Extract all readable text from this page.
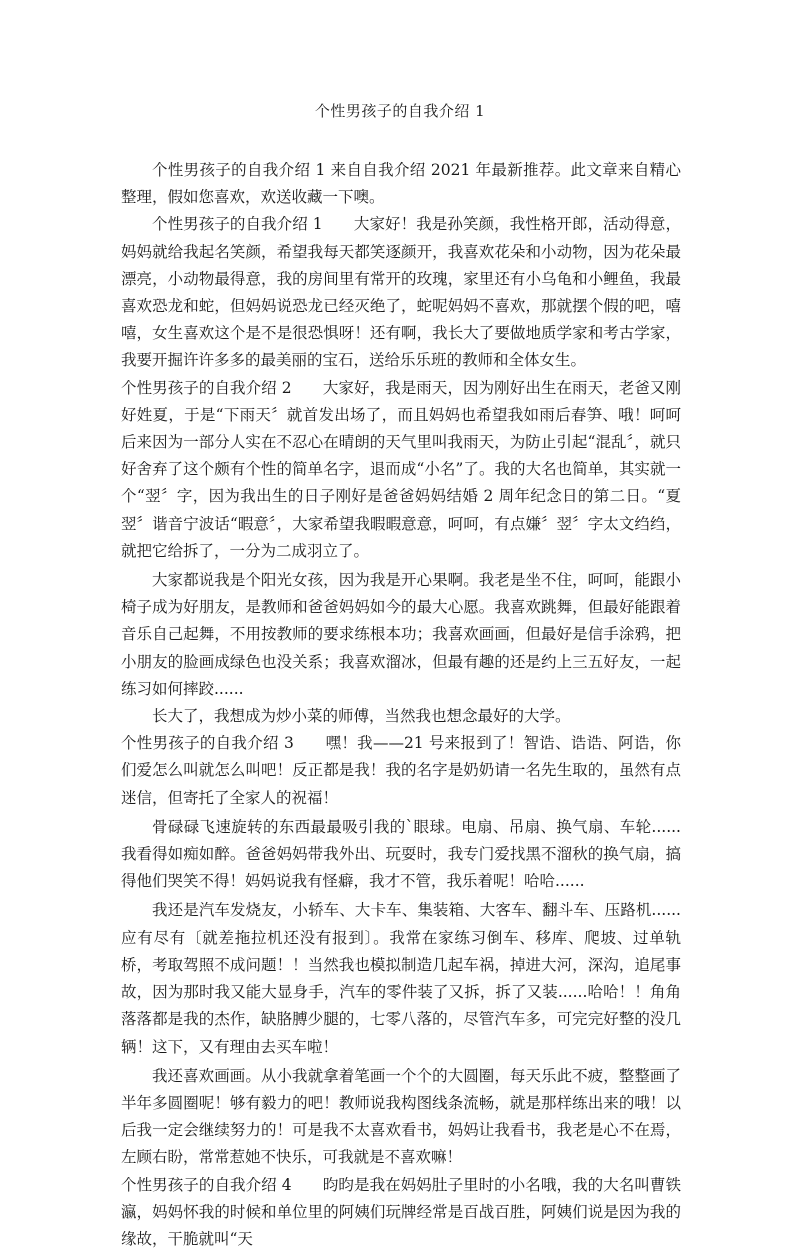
个性男孩子的自我介绍 1

个性男孩子的自我介绍 1 来自自我介绍 2021 年最新推荐。此文章来自精心整理，假如您喜欢，欢送收藏一下噢。

个性男孩子的自我介绍 1　　大家好！我是孙笑颜，我性格开郎，活动得意，妈妈就给我起名笑颜，希望我每天都笑逐颜开，我喜欢花朵和小动物，因为花朵最漂亮，小动物最得意，我的房间里有常开的玫瑰，家里还有小乌龟和小鲤鱼，我最喜欢恐龙和蛇，但妈妈说恐龙已经灭绝了，蛇呢妈妈不喜欢，那就摆个假的吧，嘻嘻，女生喜欢这个是不是很恐惧呀！还有啊，我长大了要做地质学家和考古学家，我要开掘许许多多的最美丽的宝石，送给乐乐班的教师和全体女生。

个性男孩子的自我介绍 2　　大家好，我是雨天，因为刚好出生在雨天，老爸又刚好姓夏，于是“下雨天〞就首发出场了，而且妈妈也希望我如雨后春笋、哦！呵呵后来因为一部分人实在不忍心在晴朗的天气里叫我雨天，为防止引起“混乱〞，就只好舍弃了这个颇有个性的简单名字，退而成“小名”了。我的大名也简单，其实就一个“翌〞字，因为我出生的日子刚好是爸爸妈妈结婚 2 周年纪念日的第二日。“夏翌〞谐音宁波话“暇意〞，大家希望我暇暇意意，呵呵，有点嫌〞翌〞字太文绉绉，就把它给拆了，一分为二成羽立了。

大家都说我是个阳光女孩，因为我是开心果啊。我老是坐不住，呵呵，能跟小椅子成为好朋友，是教师和爸爸妈妈如今的最大心愿。我喜欢跳舞，但最好能跟着音乐自己起舞，不用按教师的要求练根本功；我喜欢画画，但最好是信手涂鸦，把小朋友的脸画成绿色也没关系；我喜欢溜冰，但最有趣的还是约上三五好友，一起练习如何摔跤......

长大了，我想成为炒小菜的师傅，当然我也想念最好的大学。

个性男孩子的自我介绍 3　　嘿！我——21 号来报到了！智诰、诰诰、阿诰，你们爱怎么叫就怎么叫吧！反正都是我！我的名字是奶奶请一名先生取的，虽然有点迷信，但寄托了全家人的祝福！

骨碌碌飞速旋转的东西最最吸引我的`眼球。电扇、吊扇、换气扇、车轮......我看得如痴如醉。爸爸妈妈带我外出、玩耍时，我专门爱找黑不溜秋的换气扇，搞得他们哭笑不得！妈妈说我有怪癖，我才不管，我乐着呢！哈哈......

我还是汽车发烧友，小轿车、大卡车、集装箱、大客车、翻斗车、压路机......应有尽有〔就差拖拉机还没有报到〕。我常在家练习倒车、移库、爬坡、过单轨桥，考取驾照不成问题！！当然我也模拟制造几起车祸，掉进大河，深沟，追尾事故，因为那时我又能大显身手，汽车的零件装了又拆，拆了又装......哈哈！！角角落落都是我的杰作，缺胳膊少腿的，七零八落的，尽管汽车多，可完完好整的没几辆！这下，又有理由去买车啦！

我还喜欢画画。从小我就拿着笔画一个个的大圆圈，每天乐此不疲，整整画了半年多圆圈呢！够有毅力的吧！教师说我构图线条流畅，就是那样练出来的哦！以后我一定会继续努力的！可是我不太喜欢看书，妈妈让我看书，我老是心不在焉，左顾右盼，常常惹她不快乐，可我就是不喜欢嘛！

个性男孩子的自我介绍 4　　昀昀是我在妈妈肚子里时的小名哦，我的大名叫曹铁瀛，妈妈怀我的时候和单位里的阿姨们玩牌经常是百战百胜，阿姨们说是因为我的缘故，干脆就叫“天
